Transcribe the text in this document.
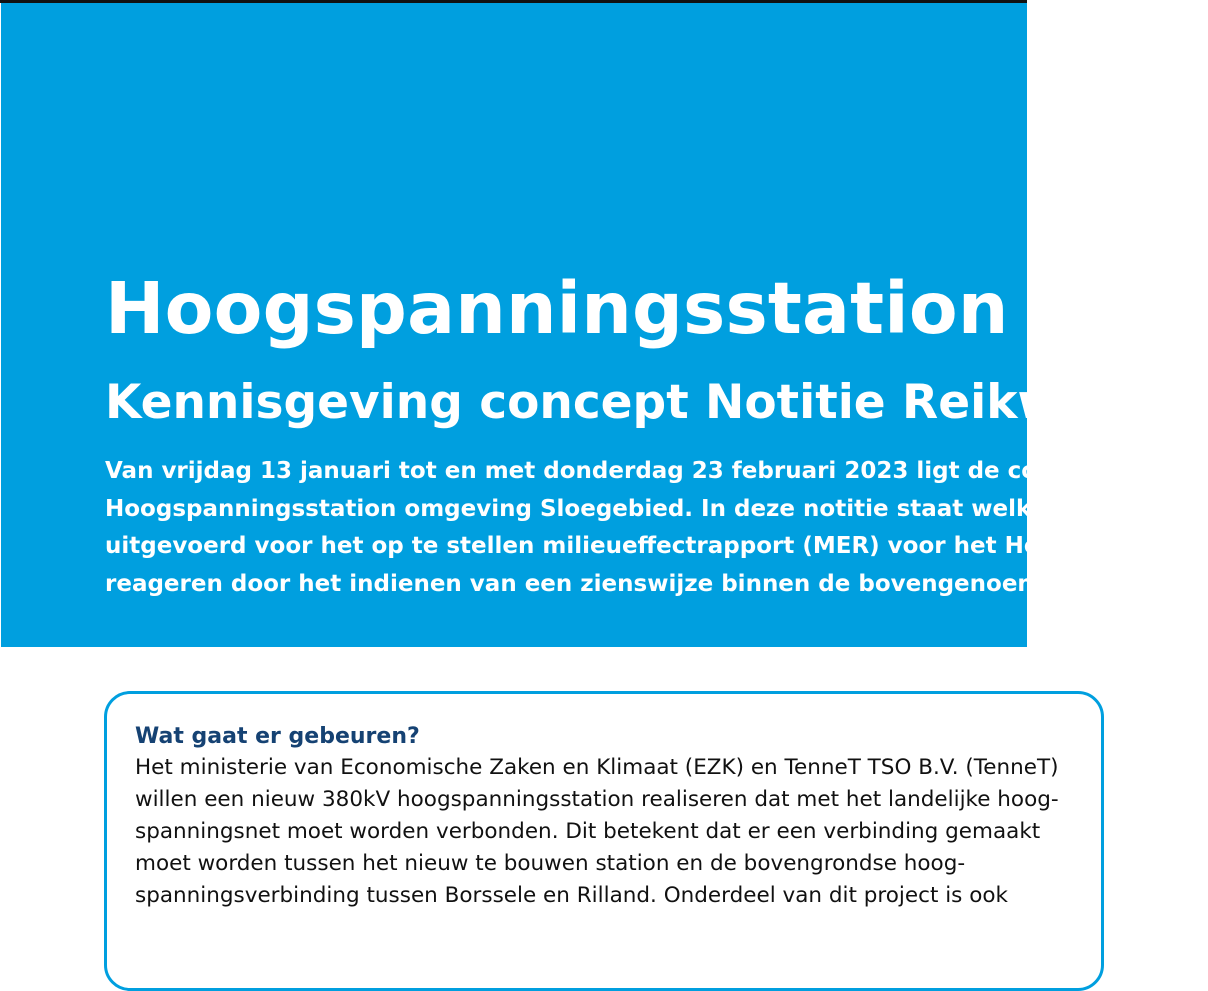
Hoogspanningsstation omg
Kennisgeving concept Notitie Reikw

Van vrijdag 13 januari tot en met donderdag 23 februari 2023 ligt de concep
Hoogspanningsstation omgeving Sloegebied. In deze notitie staat welke
uitgevoerd voor het op te stellen milieueffectrapport (MER) voor het Hoo
reageren door het indienen van een zienswijze binnen de bovengenoem

Wat gaat er gebeuren?

Het ministerie van Economische Zaken en Klimaat (EZK) en TenneT TSO B.V. (TenneT)
willen een nieuw 380kV hoogspanningsstation realiseren dat met het landelijke hoog-
spanningsnet moet worden verbonden. Dit betekent dat er een verbinding gemaakt
moet worden tussen het nieuw te bouwen station en de bovengrondse hoog-
spanningsverbinding tussen Borssele en Rilland. Onderdeel van dit project is ook
